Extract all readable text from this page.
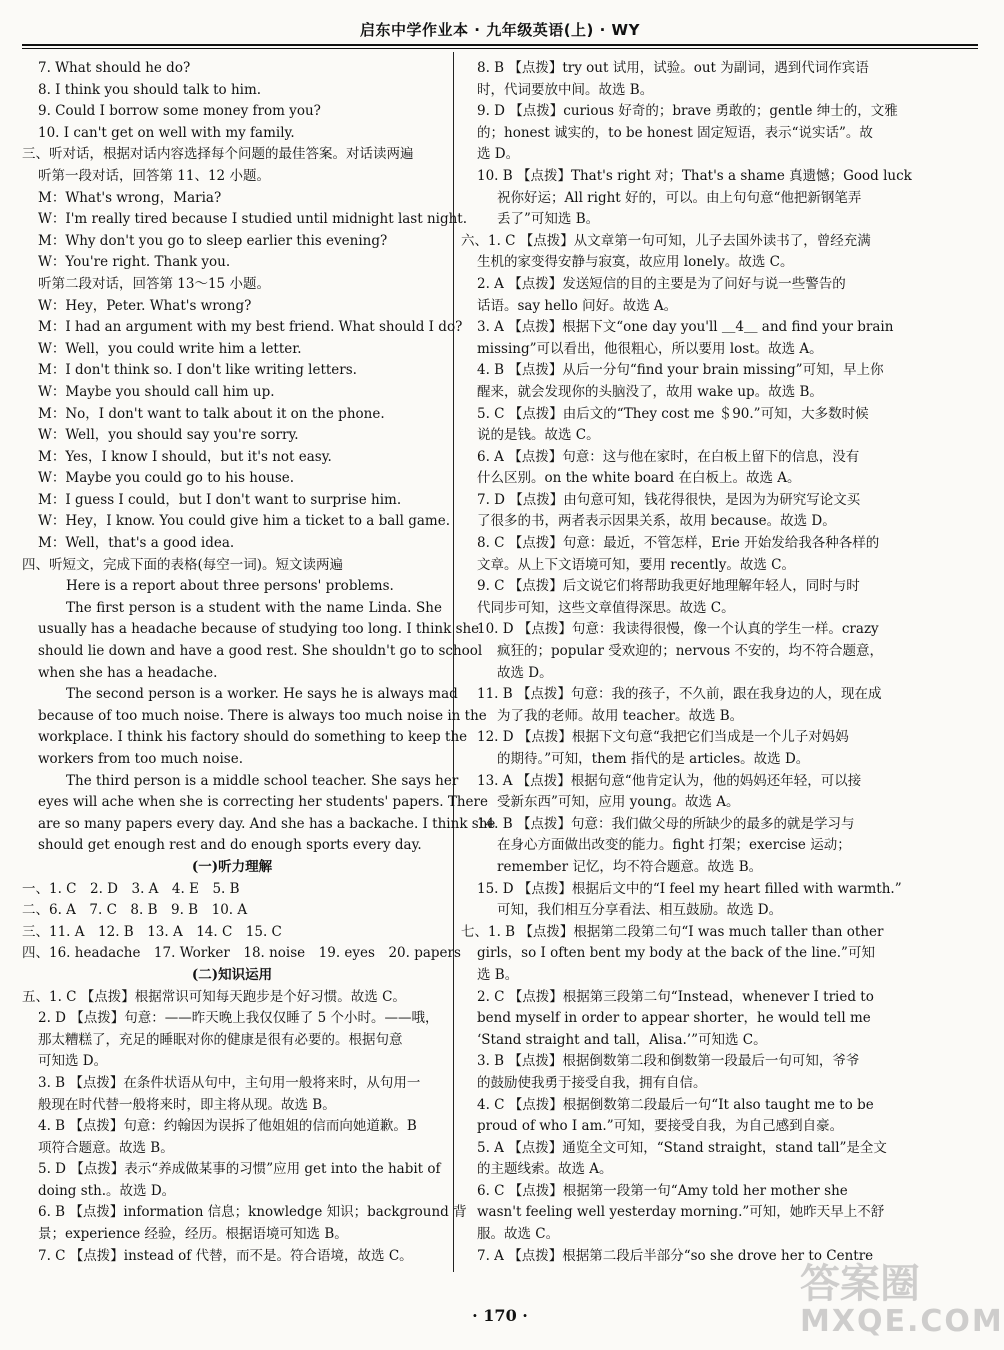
启东中学作业本 · 九年级英语(上) · WY
7. What should he do?
8. I think you should talk to him.
9. Could I borrow some money from you?
10. I can't get on well with my family.
三、听对话，根据对话内容选择每个问题的最佳答案。对话读两遍
听第一段对话，回答第 11、12 小题。
M：What's wrong，Maria?
W：I'm really tired because I studied until midnight last night.
M：Why don't you go to sleep earlier this evening?
W：You're right. Thank you.
听第二段对话，回答第 13～15 小题。
W：Hey，Peter. What's wrong?
M：I had an argument with my best friend. What should I do?
W：Well，you could write him a letter.
M：I don't think so. I don't like writing letters.
W：Maybe you should call him up.
M：No，I don't want to talk about it on the phone.
W：Well，you should say you're sorry.
M：Yes，I know I should，but it's not easy.
W：Maybe you could go to his house.
M：I guess I could，but I don't want to surprise him.
W：Hey，I know. You could give him a ticket to a ball game.
M：Well，that's a good idea.
四、听短文，完成下面的表格(每空一词)。短文读两遍
Here is a report about three persons' problems.
The first person is a student with the name Linda. She
usually has a headache because of studying too long. I think she
should lie down and have a good rest. She shouldn't go to school
when she has a headache.
The second person is a worker. He says he is always mad
because of too much noise. There is always too much noise in the
workplace. I think his factory should do something to keep the
workers from too much noise.
The third person is a middle school teacher. She says her
eyes will ache when she is correcting her students' papers. There
are so many papers every day. And she has a backache. I think she
should get enough rest and do enough sports every day.
(一)听力理解
一、1. C　2. D　3. A　4. E　5. B
二、6. A　7. C　8. B　9. B　10. A
三、11. A　12. B　13. A　14. C　15. C
四、16. headache　17. Worker　18. noise　19. eyes　20. papers
(二)知识运用
五、1. C 【点拨】根据常识可知每天跑步是个好习惯。故选 C。
2. D 【点拨】句意：——昨天晚上我仅仅睡了 5 个小时。——哦，
那太糟糕了，充足的睡眠对你的健康是很有必要的。根据句意
可知选 D。
3. B 【点拨】在条件状语从句中，主句用一般将来时，从句用一
般现在时代替一般将来时，即主将从现。故选 B。
4. B 【点拨】句意：约翰因为误拆了他姐姐的信而向她道歉。B
项符合题意。故选 B。
5. D 【点拨】表示“养成做某事的习惯”应用 get into the habit of
doing sth.。故选 D。
6. B 【点拨】information 信息；knowledge 知识；background 背
景；experience 经验，经历。根据语境可知选 B。
7. C 【点拨】instead of 代替，而不是。符合语境，故选 C。
8. B 【点拨】try out 试用，试验。out 为副词，遇到代词作宾语
时，代词要放中间。故选 B。
9. D 【点拨】curious 好奇的；brave 勇敢的；gentle 绅士的，文雅
的；honest 诚实的，to be honest 固定短语，表示“说实话”。故
选 D。
10. B 【点拨】That's right 对；That's a shame 真遗憾；Good luck
祝你好运；All right 好的，可以。由上句句意“他把新钢笔弄
丢了”可知选 B。
六、1. C 【点拨】从文章第一句可知，儿子去国外读书了，曾经充满
生机的家变得安静与寂寞，故应用 lonely。故选 C。
2. A 【点拨】发送短信的目的主要是为了问好与说一些警告的
话语。say hello 问好。故选 A。
3. A 【点拨】根据下文“one day you'll ＿4＿ and find your brain
missing”可以看出，他很粗心，所以要用 lost。故选 A。
4. B 【点拨】从后一分句“find your brain missing”可知，早上你
醒来，就会发现你的头脑没了，故用 wake up。故选 B。
5. C 【点拨】由后文的“They cost me ＄90.”可知，大多数时候
说的是钱。故选 C。
6. A 【点拨】句意：这与他在家时，在白板上留下的信息，没有
什么区别。on the white board 在白板上。故选 A。
7. D 【点拨】由句意可知，钱花得很快，是因为为研究写论文买
了很多的书，两者表示因果关系，故用 because。故选 D。
8. C 【点拨】句意：最近，不管怎样，Erie 开始发给我各种各样的
文章。从上下文语境可知，要用 recently。故选 C。
9. C 【点拨】后文说它们将帮助我更好地理解年轻人，同时与时
代同步可知，这些文章值得深思。故选 C。
10. D 【点拨】句意：我读得很慢，像一个认真的学生一样。crazy
疯狂的；popular 受欢迎的；nervous 不安的，均不符合题意，
故选 D。
11. B 【点拨】句意：我的孩子，不久前，跟在我身边的人，现在成
为了我的老师。故用 teacher。故选 B。
12. D 【点拨】根据下文句意“我把它们当成是一个儿子对妈妈
的期待。”可知，them 指代的是 articles。故选 D。
13. A 【点拨】根据句意“他肯定认为，他的妈妈还年轻，可以接
受新东西”可知，应用 young。故选 A。
14. B 【点拨】句意：我们做父母的所缺少的最多的就是学习与
在身心方面做出改变的能力。fight 打架；exercise 运动；
remember 记忆，均不符合题意。故选 B。
15. D 【点拨】根据后文中的“I feel my heart filled with warmth.”
可知，我们相互分享看法、相互鼓励。故选 D。
七、1. B 【点拨】根据第二段第二句“I was much taller than other
girls，so I often bent my body at the back of the line.”可知
选 B。
2. C 【点拨】根据第三段第二句“Instead，whenever I tried to
bend myself in order to appear shorter，he would tell me
‘Stand straight and tall，Alisa.’”可知选 C。
3. B 【点拨】根据倒数第二段和倒数第一段最后一句可知，爷爷
的鼓励使我勇于接受自我，拥有自信。
4. C 【点拨】根据倒数第二段最后一句“It also taught me to be
proud of who I am.”可知，要接受自我，为自己感到自豪。
5. A 【点拨】通览全文可知，“Stand straight，stand tall”是全文
的主题线索。故选 A。
6. C 【点拨】根据第一段第一句“Amy told her mother she
wasn't feeling well yesterday morning.”可知，她昨天早上不舒
服。故选 C。
7. A 【点拨】根据第二段后半部分“so she drove her to Centre
· 170 ·
答案圈
MXQE.COM
